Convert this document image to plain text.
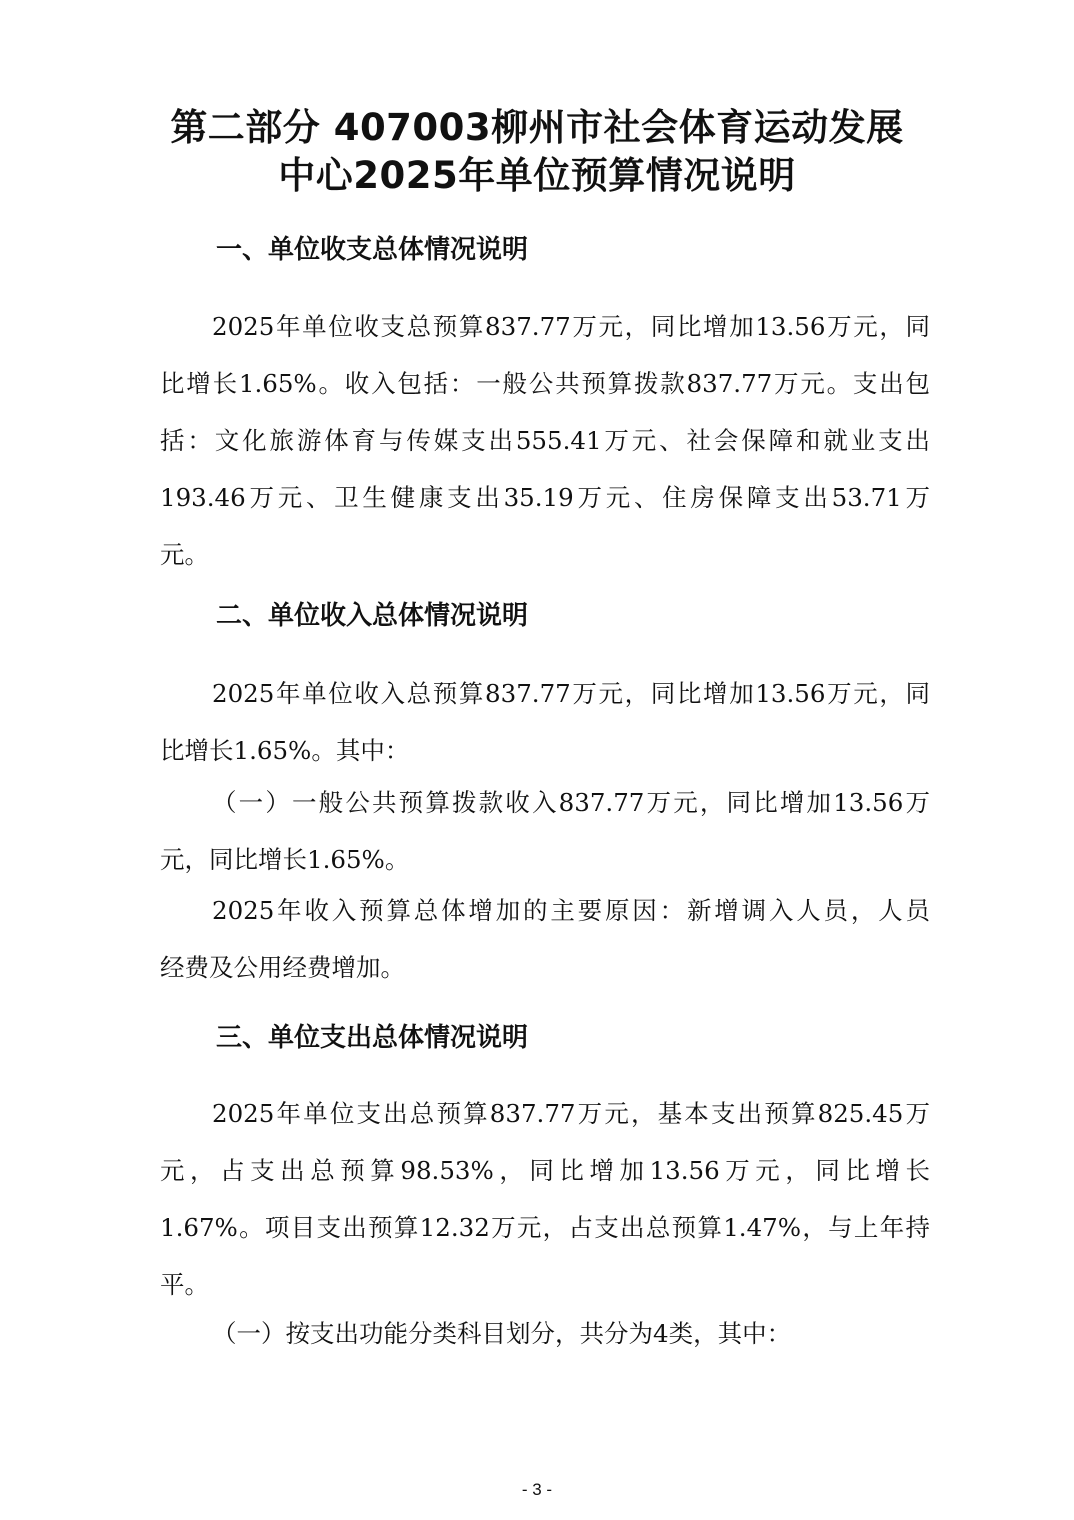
第二部分 407003柳州市社会体育运动发展
中心2025年单位预算情况说明
一、单位收支总体情况说明

2025年单位收支总预算837.77万元，同比增加13.56万元，同
比增长1.65%。收入包括：一般公共预算拨款837.77万元。支出包
括：文化旅游体育与传媒支出555.41万元、社会保障和就业支出
193.46万元、卫生健康支出35.19万元、住房保障支出53.71万
元。

二、单位收入总体情况说明

2025年单位收入总预算837.77万元，同比增加13.56万元，同
比增长1.65%。其中：

（一）一般公共预算拨款收入837.77万元，同比增加13.56万
元，同比增长1.65%。

2025年收入预算总体增加的主要原因：新增调入人员，人员
经费及公用经费增加。

三、单位支出总体情况说明

2025年单位支出总预算837.77万元，基本支出预算825.45万
元，占支出总预算98.53%，同比增加13.56万元，同比增长
1.67%。项目支出预算12.32万元，占支出总预算1.47%，与上年持
平。

（一）按支出功能分类科目划分，共分为4类，其中：

- 3 -
